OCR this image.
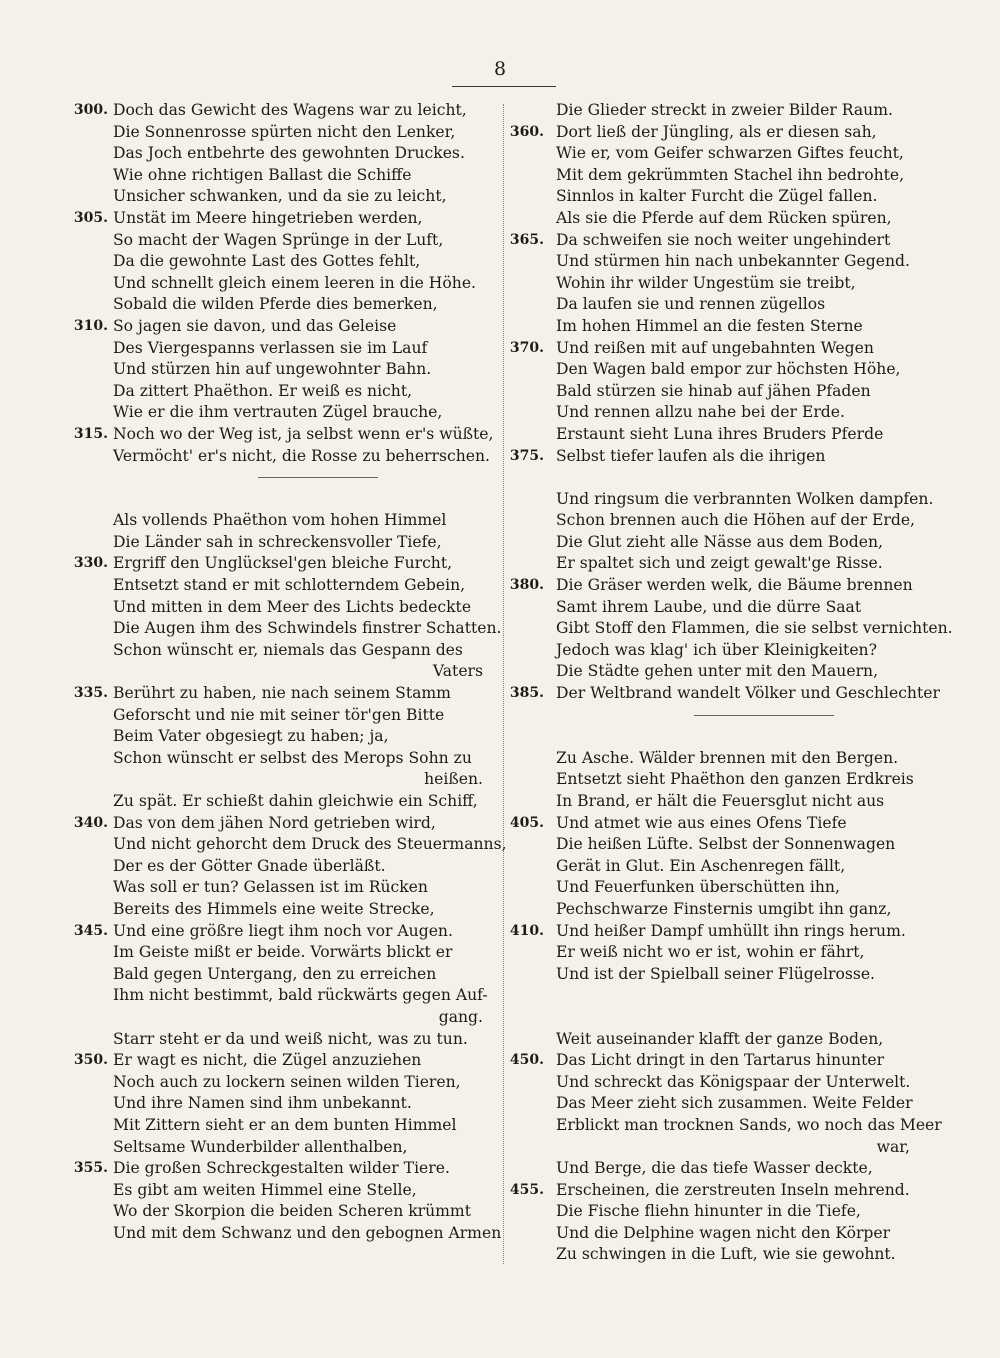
8
300. Doch das Gewicht des Wagens war zu leicht,
Die Sonnenrosse spürten nicht den Lenker,
Das Joch entbehrte des gewohnten Druckes.
Wie ohne richtigen Ballast die Schiffe
Unsicher schwanken, und da sie zu leicht,
305. Unstät im Meere hingetrieben werden,
So macht der Wagen Sprünge in der Luft,
Da die gewohnte Last des Gottes fehlt,
Und schnellt gleich einem leeren in die Höhe.
Sobald die wilden Pferde dies bemerken,
310. So jagen sie davon, und das Geleise
Des Viergespanns verlassen sie im Lauf
Und stürzen hin auf ungewohnter Bahn.
Da zittert Phaëthon. Er weiß es nicht,
Wie er die ihm vertrauten Zügel brauche,
315. Noch wo der Weg ist, ja selbst wenn er's wüßte,
Vermöcht' er's nicht, die Rosse zu beherrschen.
Als vollends Phaëthon vom hohen Himmel
Die Länder sah in schreckensvoller Tiefe,
330. Ergriff den Unglücksel'gen bleiche Furcht,
Entsetzt stand er mit schlotterndem Gebein,
Und mitten in dem Meer des Lichts bedeckte
Die Augen ihm des Schwindels finstrer Schatten.
Schon wünscht er, niemals das Gespann des
Vaters
335. Berührt zu haben, nie nach seinem Stamm
Geforscht und nie mit seiner tör'gen Bitte
Beim Vater obgesiegt zu haben; ja,
Schon wünscht er selbst des Merops Sohn zu
heißen.
Zu spät. Er schießt dahin gleichwie ein Schiff,
340. Das von dem jähen Nord getrieben wird,
Und nicht gehorcht dem Druck des Steuermanns,
Der es der Götter Gnade überläßt.
Was soll er tun? Gelassen ist im Rücken
Bereits des Himmels eine weite Strecke,
345. Und eine größre liegt ihm noch vor Augen.
Im Geiste mißt er beide. Vorwärts blickt er
Bald gegen Untergang, den zu erreichen
Ihm nicht bestimmt, bald rückwärts gegen Auf-
gang.
Starr steht er da und weiß nicht, was zu tun.
350. Er wagt es nicht, die Zügel anzuziehen
Noch auch zu lockern seinen wilden Tieren,
Und ihre Namen sind ihm unbekannt.
Mit Zittern sieht er an dem bunten Himmel
Seltsame Wunderbilder allenthalben,
355. Die großen Schreckgestalten wilder Tiere.
Es gibt am weiten Himmel eine Stelle,
Wo der Skorpion die beiden Scheren krümmt
Und mit dem Schwanz und den gebognen Armen
Die Glieder streckt in zweier Bilder Raum.
360. Dort ließ der Jüngling, als er diesen sah,
Wie er, vom Geifer schwarzen Giftes feucht,
Mit dem gekrümmten Stachel ihn bedrohte,
Sinnlos in kalter Furcht die Zügel fallen.
Als sie die Pferde auf dem Rücken spüren,
365. Da schweifen sie noch weiter ungehindert
Und stürmen hin nach unbekannter Gegend.
Wohin ihr wilder Ungestüm sie treibt,
Da laufen sie und rennen zügellos
Im hohen Himmel an die festen Sterne
370. Und reißen mit auf ungebahnten Wegen
Den Wagen bald empor zur höchsten Höhe,
Bald stürzen sie hinab auf jähen Pfaden
Und rennen allzu nahe bei der Erde.
Erstaunt sieht Luna ihres Bruders Pferde
375. Selbst tiefer laufen als die ihrigen
Und ringsum die verbrannten Wolken dampfen.
Schon brennen auch die Höhen auf der Erde,
Die Glut zieht alle Nässe aus dem Boden,
Er spaltet sich und zeigt gewalt'ge Risse.
380. Die Gräser werden welk, die Bäume brennen
Samt ihrem Laube, und die dürre Saat
Gibt Stoff den Flammen, die sie selbst vernichten.
Jedoch was klag' ich über Kleinigkeiten?
Die Städte gehen unter mit den Mauern,
385. Der Weltbrand wandelt Völker und Geschlechter
Zu Asche. Wälder brennen mit den Bergen.
Entsetzt sieht Phaëthon den ganzen Erdkreis
In Brand, er hält die Feuersglut nicht aus
405. Und atmet wie aus eines Ofens Tiefe
Die heißen Lüfte. Selbst der Sonnenwagen
Gerät in Glut. Ein Aschenregen fällt,
Und Feuerfunken überschütten ihn,
Pechschwarze Finsternis umgibt ihn ganz,
410. Und heißer Dampf umhüllt ihn rings herum.
Er weiß nicht wo er ist, wohin er fährt,
Und ist der Spielball seiner Flügelrosse.
Weit auseinander klafft der ganze Boden,
450. Das Licht dringt in den Tartarus hinunter
Und schreckt das Königspaar der Unterwelt.
Das Meer zieht sich zusammen. Weite Felder
Erblickt man trocknen Sands, wo noch das Meer
war,
Und Berge, die das tiefe Wasser deckte,
455. Erscheinen, die zerstreuten Inseln mehrend.
Die Fische fliehn hinunter in die Tiefe,
Und die Delphine wagen nicht den Körper
Zu schwingen in die Luft, wie sie gewohnt.
